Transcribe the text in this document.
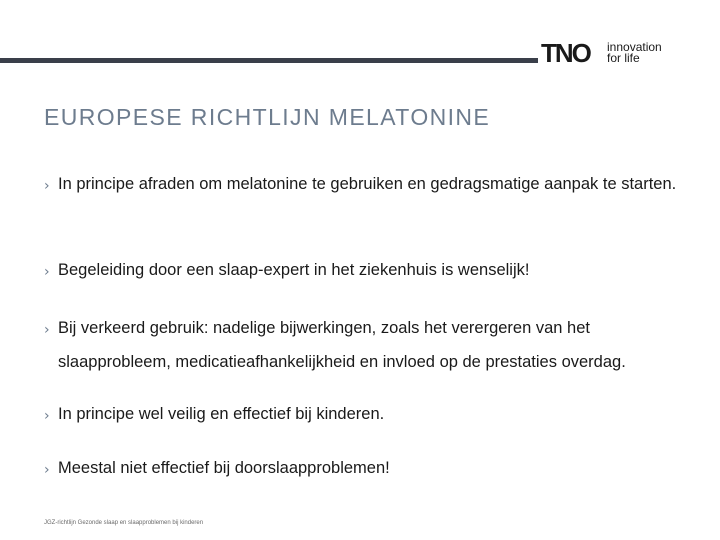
TNO innovation
for life
EUROPESE RICHTLIJN MELATONINE
› In principe afraden om melatonine te gebruiken en gedragsmatige aanpak te starten.
› Begeleiding door een slaap-expert in het ziekenhuis is wenselijk!
› Bij verkeerd gebruik: nadelige bijwerkingen, zoals het verergeren van het slaapprobleem, medicatieafhankelijkheid en invloed op de prestaties overdag.
› In principe wel veilig en effectief bij kinderen.
› Meestal niet effectief bij doorslaapproblemen!
JGZ-richtlijn Gezonde slaap en slaapproblemen bij kinderen
